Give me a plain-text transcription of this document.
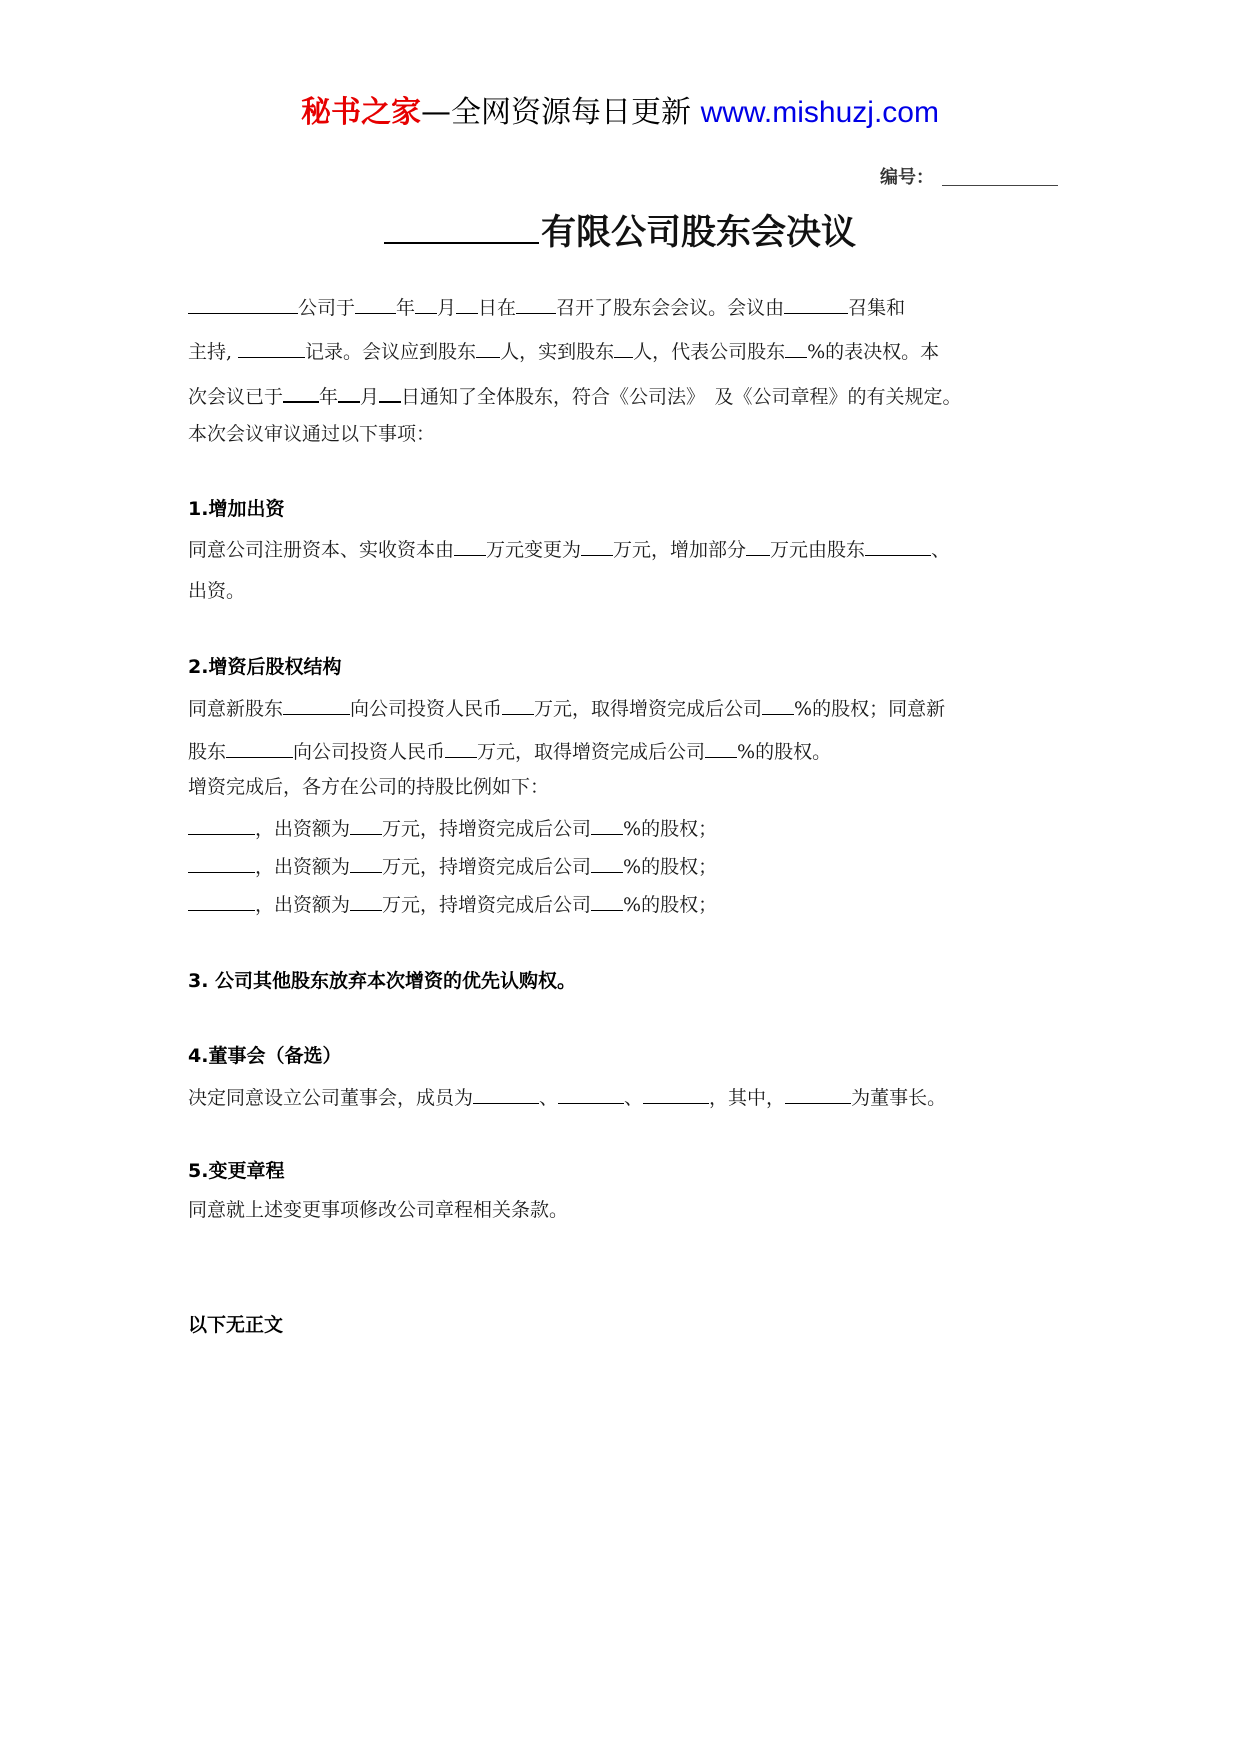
秘书之家—全网资源每日更新 www.mishuzj.com
编号：
有限公司股东会决议
公司于 年 月 日在 召开了股东会会议。会议由	召集和
主持,	记录。会议应到股东 人，实到股东 人，代表公司股东 %的表决权。本
次会议已于 年 月 日通知了全体股东，符合《公司法》　及《公司章程》的有关规定。
本次会议审议通过以下事项：
1.增加出资
同意公司注册资本、实收资本由 万元变更为 万元，增加部分 万元由股东	、
出资。
2.增资后股权结构
同意新股东	向公司投资人民币 万元，取得增资完成后公司 %的股权；同意新
股东	向公司投资人民币 万元，取得增资完成后公司 %的股权。
增资完成后，各方在公司的持股比例如下：
，出资额为 万元，持增资完成后公司 %的股权；
，出资额为 万元，持增资完成后公司 %的股权；
，出资额为 万元，持增资完成后公司 %的股权；
3. 公司其他股东放弃本次增资的优先认购权。
4.董事会（备选）
决定同意设立公司董事会，成员为	、	、	，其中，	为董事长。
5.变更章程
同意就上述变更事项修改公司章程相关条款。
以下无正文
